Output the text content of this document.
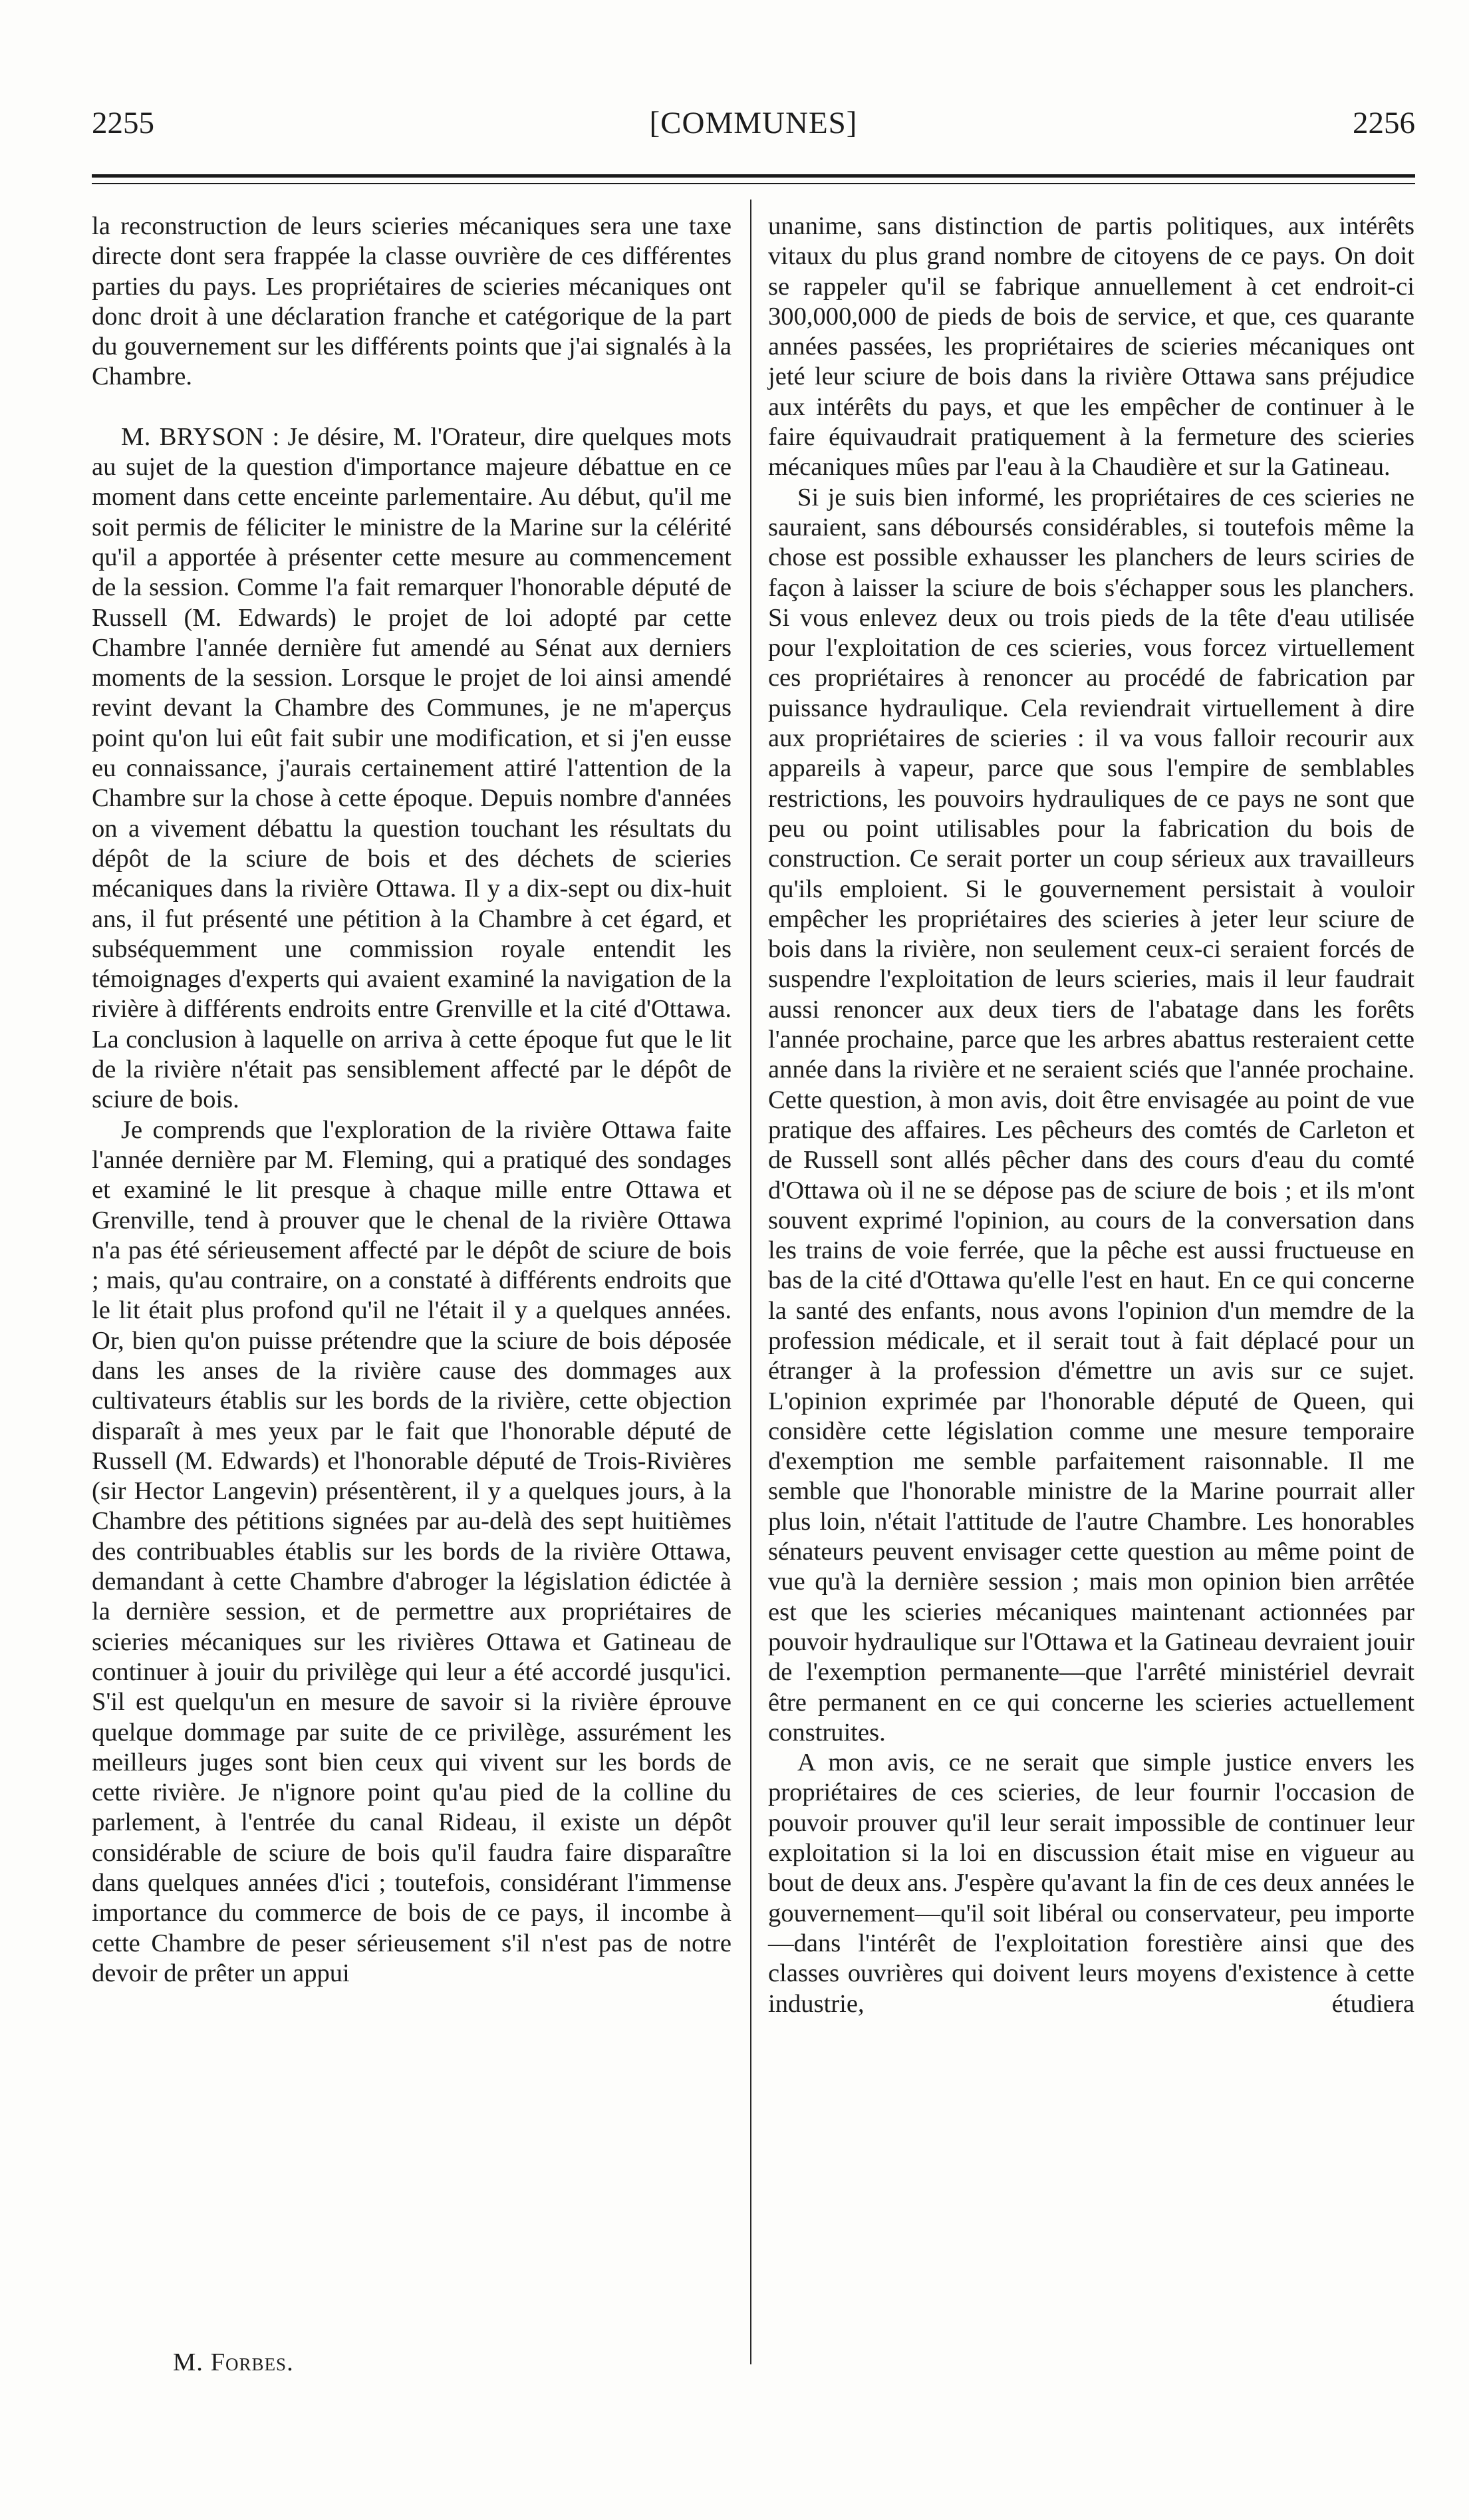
2255	[COMMUNES]	2256

la reconstruction de leurs scieries mécaniques sera une taxe directe dont sera frappée la classe ouvrière de ces différentes parties du pays. Les propriétaires de scieries mécaniques ont donc droit à une déclaration franche et catégorique de la part du gouvernement sur les différents points que j'ai signalés à la Chambre.

M. BRYSON : Je désire, M. l'Orateur, dire quelques mots au sujet de la question d'importance majeure débattue en ce moment dans cette enceinte parlementaire. Au début, qu'il me soit permis de féliciter le ministre de la Marine sur la célérité qu'il a apportée à présenter cette mesure au commencement de la session. Comme l'a fait remarquer l'honorable député de Russell (M. Edwards) le projet de loi adopté par cette Chambre l'année dernière fut amendé au Sénat aux derniers moments de la session. Lorsque le projet de loi ainsi amendé revint devant la Chambre des Communes, je ne m'aperçus point qu'on lui eût fait subir une modification, et si j'en eusse eu connaissance, j'aurais certainement attiré l'attention de la Chambre sur la chose à cette époque. Depuis nombre d'années on a vivement débattu la question touchant les résultats du dépôt de la sciure de bois et des déchets de scieries mécaniques dans la rivière Ottawa. Il y a dix-sept ou dix-huit ans, il fut présenté une pétition à la Chambre à cet égard, et subséquemment une commission royale entendit les témoignages d'experts qui avaient examiné la navigation de la rivière à différents endroits entre Grenville et la cité d'Ottawa. La conclusion à laquelle on arriva à cette époque fut que le lit de la rivière n'était pas sensiblement affecté par le dépôt de sciure de bois.

Je comprends que l'exploration de la rivière Ottawa faite l'année dernière par M. Fleming, qui a pratiqué des sondages et examiné le lit presque à chaque mille entre Ottawa et Grenville, tend à prouver que le chenal de la rivière Ottawa n'a pas été sérieusement affecté par le dépôt de sciure de bois ; mais, qu'au contraire, on a constaté à différents endroits que le lit était plus profond qu'il ne l'était il y a quelques années. Or, bien qu'on puisse prétendre que la sciure de bois déposée dans les anses de la rivière cause des dommages aux cultivateurs établis sur les bords de la rivière, cette objection disparaît à mes yeux par le fait que l'honorable député de Russell (M. Edwards) et l'honorable député de Trois-Rivières (sir Hector Langevin) présentèrent, il y a quelques jours, à la Chambre des pétitions signées par au-delà des sept huitièmes des contribuables établis sur les bords de la rivière Ottawa, demandant à cette Chambre d'abroger la législation édictée à la dernière session, et de permettre aux propriétaires de scieries mécaniques sur les rivières Ottawa et Gatineau de continuer à jouir du privilège qui leur a été accordé jusqu'ici. S'il est quelqu'un en mesure de savoir si la rivière éprouve quelque dommage par suite de ce privilège, assurément les meilleurs juges sont bien ceux qui vivent sur les bords de cette rivière. Je n'ignore point qu'au pied de la colline du parlement, à l'entrée du canal Rideau, il existe un dépôt considérable de sciure de bois qu'il faudra faire disparaître dans quelques années d'ici ; toutefois, considérant l'immense importance du commerce de bois de ce pays, il incombe à cette Chambre de peser sérieusement s'il n'est pas de notre devoir de prêter un appui

unanime, sans distinction de partis politiques, aux intérêts vitaux du plus grand nombre de citoyens de ce pays. On doit se rappeler qu'il se fabrique annuellement à cet endroit-ci 300,000,000 de pieds de bois de service, et que, ces quarante années passées, les propriétaires de scieries mécaniques ont jeté leur sciure de bois dans la rivière Ottawa sans préjudice aux intérêts du pays, et que les empêcher de continuer à le faire équivaudrait pratiquement à la fermeture des scieries mécaniques mûes par l'eau à la Chaudière et sur la Gatineau.

Si je suis bien informé, les propriétaires de ces scieries ne sauraient, sans déboursés considérables, si toutefois même la chose est possible exhausser les planchers de leurs sciries de façon à laisser la sciure de bois s'échapper sous les planchers. Si vous enlevez deux ou trois pieds de la tête d'eau utilisée pour l'exploitation de ces scieries, vous forcez virtuellement ces propriétaires à renoncer au procédé de fabrication par puissance hydraulique. Cela reviendrait virtuellement à dire aux propriétaires de scieries : il va vous falloir recourir aux appareils à vapeur, parce que sous l'empire de semblables restrictions, les pouvoirs hydrauliques de ce pays ne sont que peu ou point utilisables pour la fabrication du bois de construction. Ce serait porter un coup sérieux aux travailleurs qu'ils emploient. Si le gouvernement persistait à vouloir empêcher les propriétaires des scieries à jeter leur sciure de bois dans la rivière, non seulement ceux-ci seraient forcés de suspendre l'exploitation de leurs scieries, mais il leur faudrait aussi renoncer aux deux tiers de l'abatage dans les forêts l'année prochaine, parce que les arbres abattus resteraient cette année dans la rivière et ne seraient sciés que l'année prochaine. Cette question, à mon avis, doit être envisagée au point de vue pratique des affaires. Les pêcheurs des comtés de Carleton et de Russell sont allés pêcher dans des cours d'eau du comté d'Ottawa où il ne se dépose pas de sciure de bois ; et ils m'ont souvent exprimé l'opinion, au cours de la conversation dans les trains de voie ferrée, que la pêche est aussi fructueuse en bas de la cité d'Ottawa qu'elle l'est en haut. En ce qui concerne la santé des enfants, nous avons l'opinion d'un memdre de la profession médicale, et il serait tout à fait déplacé pour un étranger à la profession d'émettre un avis sur ce sujet. L'opinion exprimée par l'honorable député de Queen, qui considère cette législation comme une mesure temporaire d'exemption me semble parfaitement raisonnable. Il me semble que l'honorable ministre de la Marine pourrait aller plus loin, n'était l'attitude de l'autre Chambre. Les honorables sénateurs peuvent envisager cette question au même point de vue qu'à la dernière session ; mais mon opinion bien arrêtée est que les scieries mécaniques maintenant actionnées par pouvoir hydraulique sur l'Ottawa et la Gatineau devraient jouir de l'exemption permanente—que l'arrêté ministériel devrait être permanent en ce qui concerne les scieries actuellement construites.

A mon avis, ce ne serait que simple justice envers les propriétaires de ces scieries, de leur fournir l'occasion de pouvoir prouver qu'il leur serait impossible de continuer leur exploitation si la loi en discussion était mise en vigueur au bout de deux ans. J'espère qu'avant la fin de ces deux années le gouvernement—qu'il soit libéral ou conservateur, peu importe—dans l'intérêt de l'exploitation forestière ainsi que des classes ouvrières qui doivent leurs moyens d'existence à cette industrie, étudiera

M. Forbes.
